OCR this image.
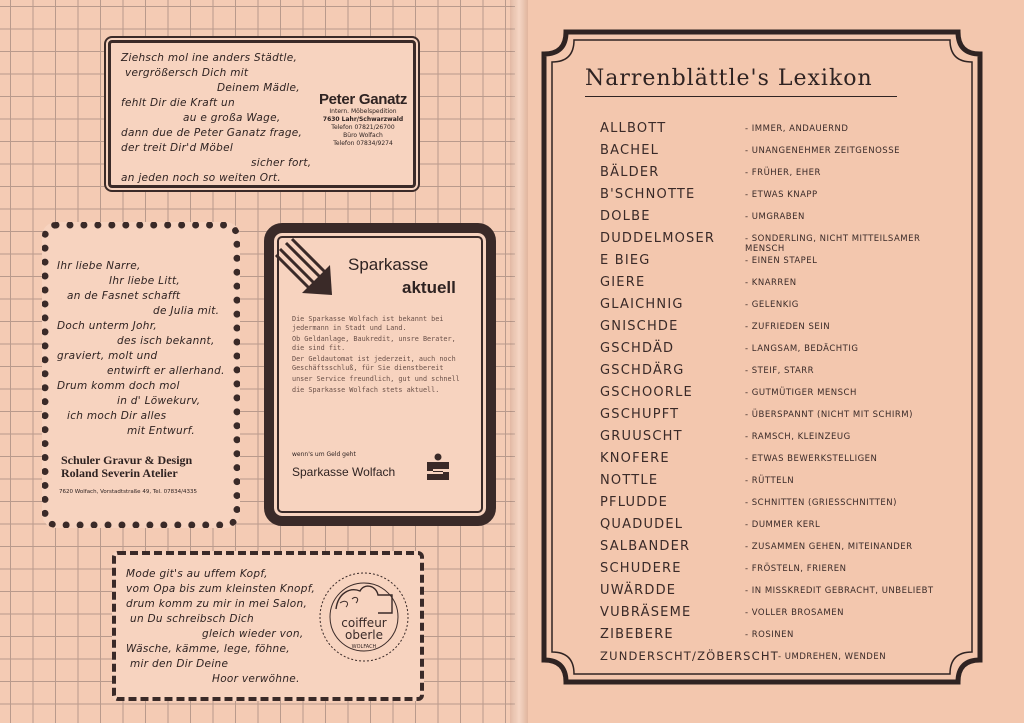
Ziehsch mol ine anders Städtle,
vergrößersch Dich mit
Deinem Mädle,
fehlt Dir die Kraft un
au e großa Wage,
dann due de Peter Ganatz frage,
der treit Dir'd Möbel
sicher fort,
an jeden noch so weiten Ort.
Peter Ganatz
Intern. Möbelspedition
7630 Lahr/Schwarzwald
Telefon 07821/26700
Büro Wolfach
Telefon 07834/9274
Ihr liebe Narre,
Ihr liebe Litt,
an de Fasnet schafft
de Julia mit.
Doch unterm Johr,
des isch bekannt,
graviert, molt und
entwirft er allerhand.
Drum komm doch mol
in d' Löwekurv,
ich moch Dir alles
mit Entwurf.
Schuler Gravur & Design
Roland Severin Atelier
7620 Wolfach, Vorstadtstraße 49, Tel. 07834/4335
Sparkasse
aktuell
Die Sparkasse Wolfach ist bekannt bei jedermann in Stadt und Land.
Ob Geldanlage, Baukredit, unsre Berater, die sind fit.
Der Geldautomat ist jederzeit, auch noch Geschäftsschluß, für Sie dienstbereit
unser Service freundlich, gut und schnell
die Sparkasse Wolfach stets aktuell.
wenn's um Geld geht
Sparkasse Wolfach
Mode git's au uffem Kopf,
vom Opa bis zum kleinsten Knopf,
drum komm zu mir in mei Salon,
un Du schreibsch Dich
gleich wieder von,
Wäsche, kämme, lege, föhne,
mir den Dir Deine
Hoor verwöhne.
coiffeur
oberle
WOLFACH
Narrenblättle's Lexikon
ALLBOTT	- IMMER, ANDAUERND
BACHEL	- UNANGENEHMER ZEITGENOSSE
BÄLDER	- FRÜHER, EHER
B'SCHNOTTE	- ETWAS KNAPP
DOLBE	- UMGRABEN
DUDDELMOSER	- SONDERLING, NICHT MITTEILSAMER MENSCH
E BIEG	- EINEN STAPEL
GIERE	- KNARREN
GLAICHNIG	- GELENKIG
GNISCHDE	- ZUFRIEDEN SEIN
GSCHDÄD	- LANGSAM, BEDÄCHTIG
GSCHDÄRG	- STEIF, STARR
GSCHOORLE	- GUTMÜTIGER MENSCH
GSCHUPFT	- ÜBERSPANNT (NICHT MIT SCHIRM)
GRUUSCHT	- RAMSCH, KLEINZEUG
KNOFERE	- ETWAS BEWERKSTELLIGEN
NOTTLE	- RÜTTELN
PFLUDDE	- SCHNITTEN (GRIESSCHNITTEN)
QUADUDEL	- DUMMER KERL
SALBANDER	- ZUSAMMEN GEHEN, MITEINANDER
SCHUDERE	- FRÖSTELN, FRIEREN
UWÄRDDE	- IN MISSKREDIT GEBRACHT, UNBELIEBT
VUBRÄSEME	- VOLLER BROSAMEN
ZIBEBERE	- ROSINEN
ZUNDERSCHT/ZÖBERSCHT - UMDREHEN, WENDEN
